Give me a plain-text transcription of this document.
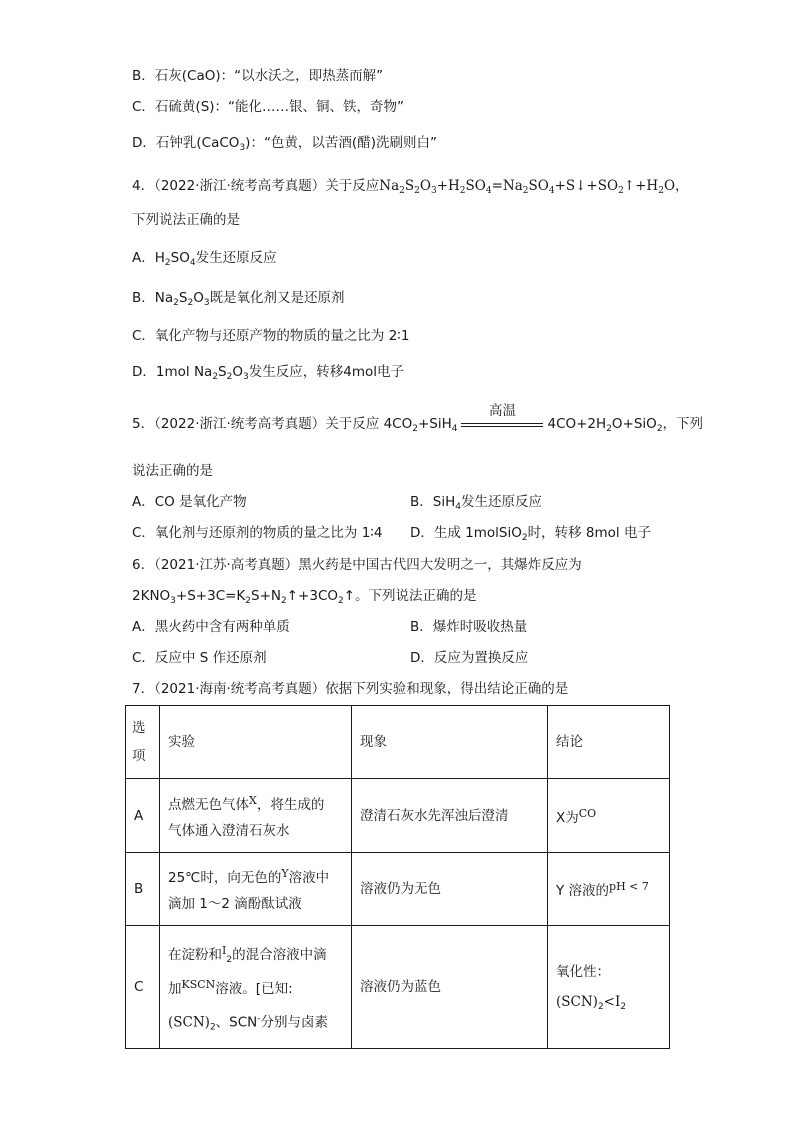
B．石灰(CaO)：“以水沃之，即热蒸而解”
C．石硫黄(S)：“能化……银、铜、铁，奇物”
D．石钟乳(CaCO$_3$)：“色黄，以苦酒(醋)洗刷则白”
4．（2022·浙江·统考高考真题）关于反应$Na_2S_2O_3+H_2SO_4=Na_2SO_4+S↓+SO_2↑+H_2O$，
下列说法正确的是
A．$H_2SO_4$发生还原反应
B．$Na_2S_2O_3$既是氧化剂又是还原剂
C．氧化产物与还原产物的物质的量之比为 2∶1
D．1mol $Na_2S_2O_3$发生反应，转移4mol电子
5．（2022·浙江·统考高考真题）关于反应 $4CO_2+SiH_4$
高温
$4CO+2H_2O+SiO_2$，下列
说法正确的是
A．CO 是氧化产物	B．SiH$_4$发生还原反应
C．氧化剂与还原剂的物质的量之比为 1∶4 D．生成 1molSiO$_2$时，转移 8mol 电子
6．（2021·江苏·高考真题）黑火药是中国古代四大发明之一，其爆炸反应为
$2KNO_3+S+3C=K_2S+N_2↑+3CO_2↑$。下列说法正确的是
A．黑火药中含有两种单质	B．爆炸时吸收热量
C．反应中 S 作还原剂	D．反应为置换反应
7．（2021·海南·统考高考真题）依据下列实验和现象，得出结论正确的是
选
项	实验	现象	结论
A	点燃无色气体$^X$，将生成的
气体通入澄清石灰水	澄清石灰水先浑浊后澄清	X为$^{CO}$
B	25℃时，向无色的$^Y$溶液中
滴加 1～2 滴酚酞试液	溶液仍为无色	Y 溶液的$^{pH < 7}$
C	在淀粉和$^I_2$的混合溶液中滴
加$^{KSCN}$溶液。[已知:
$(SCN)_2$、SCN-分别与卤素	溶液仍为蓝色	氧化性：
$(SCN)_2<I_2$
